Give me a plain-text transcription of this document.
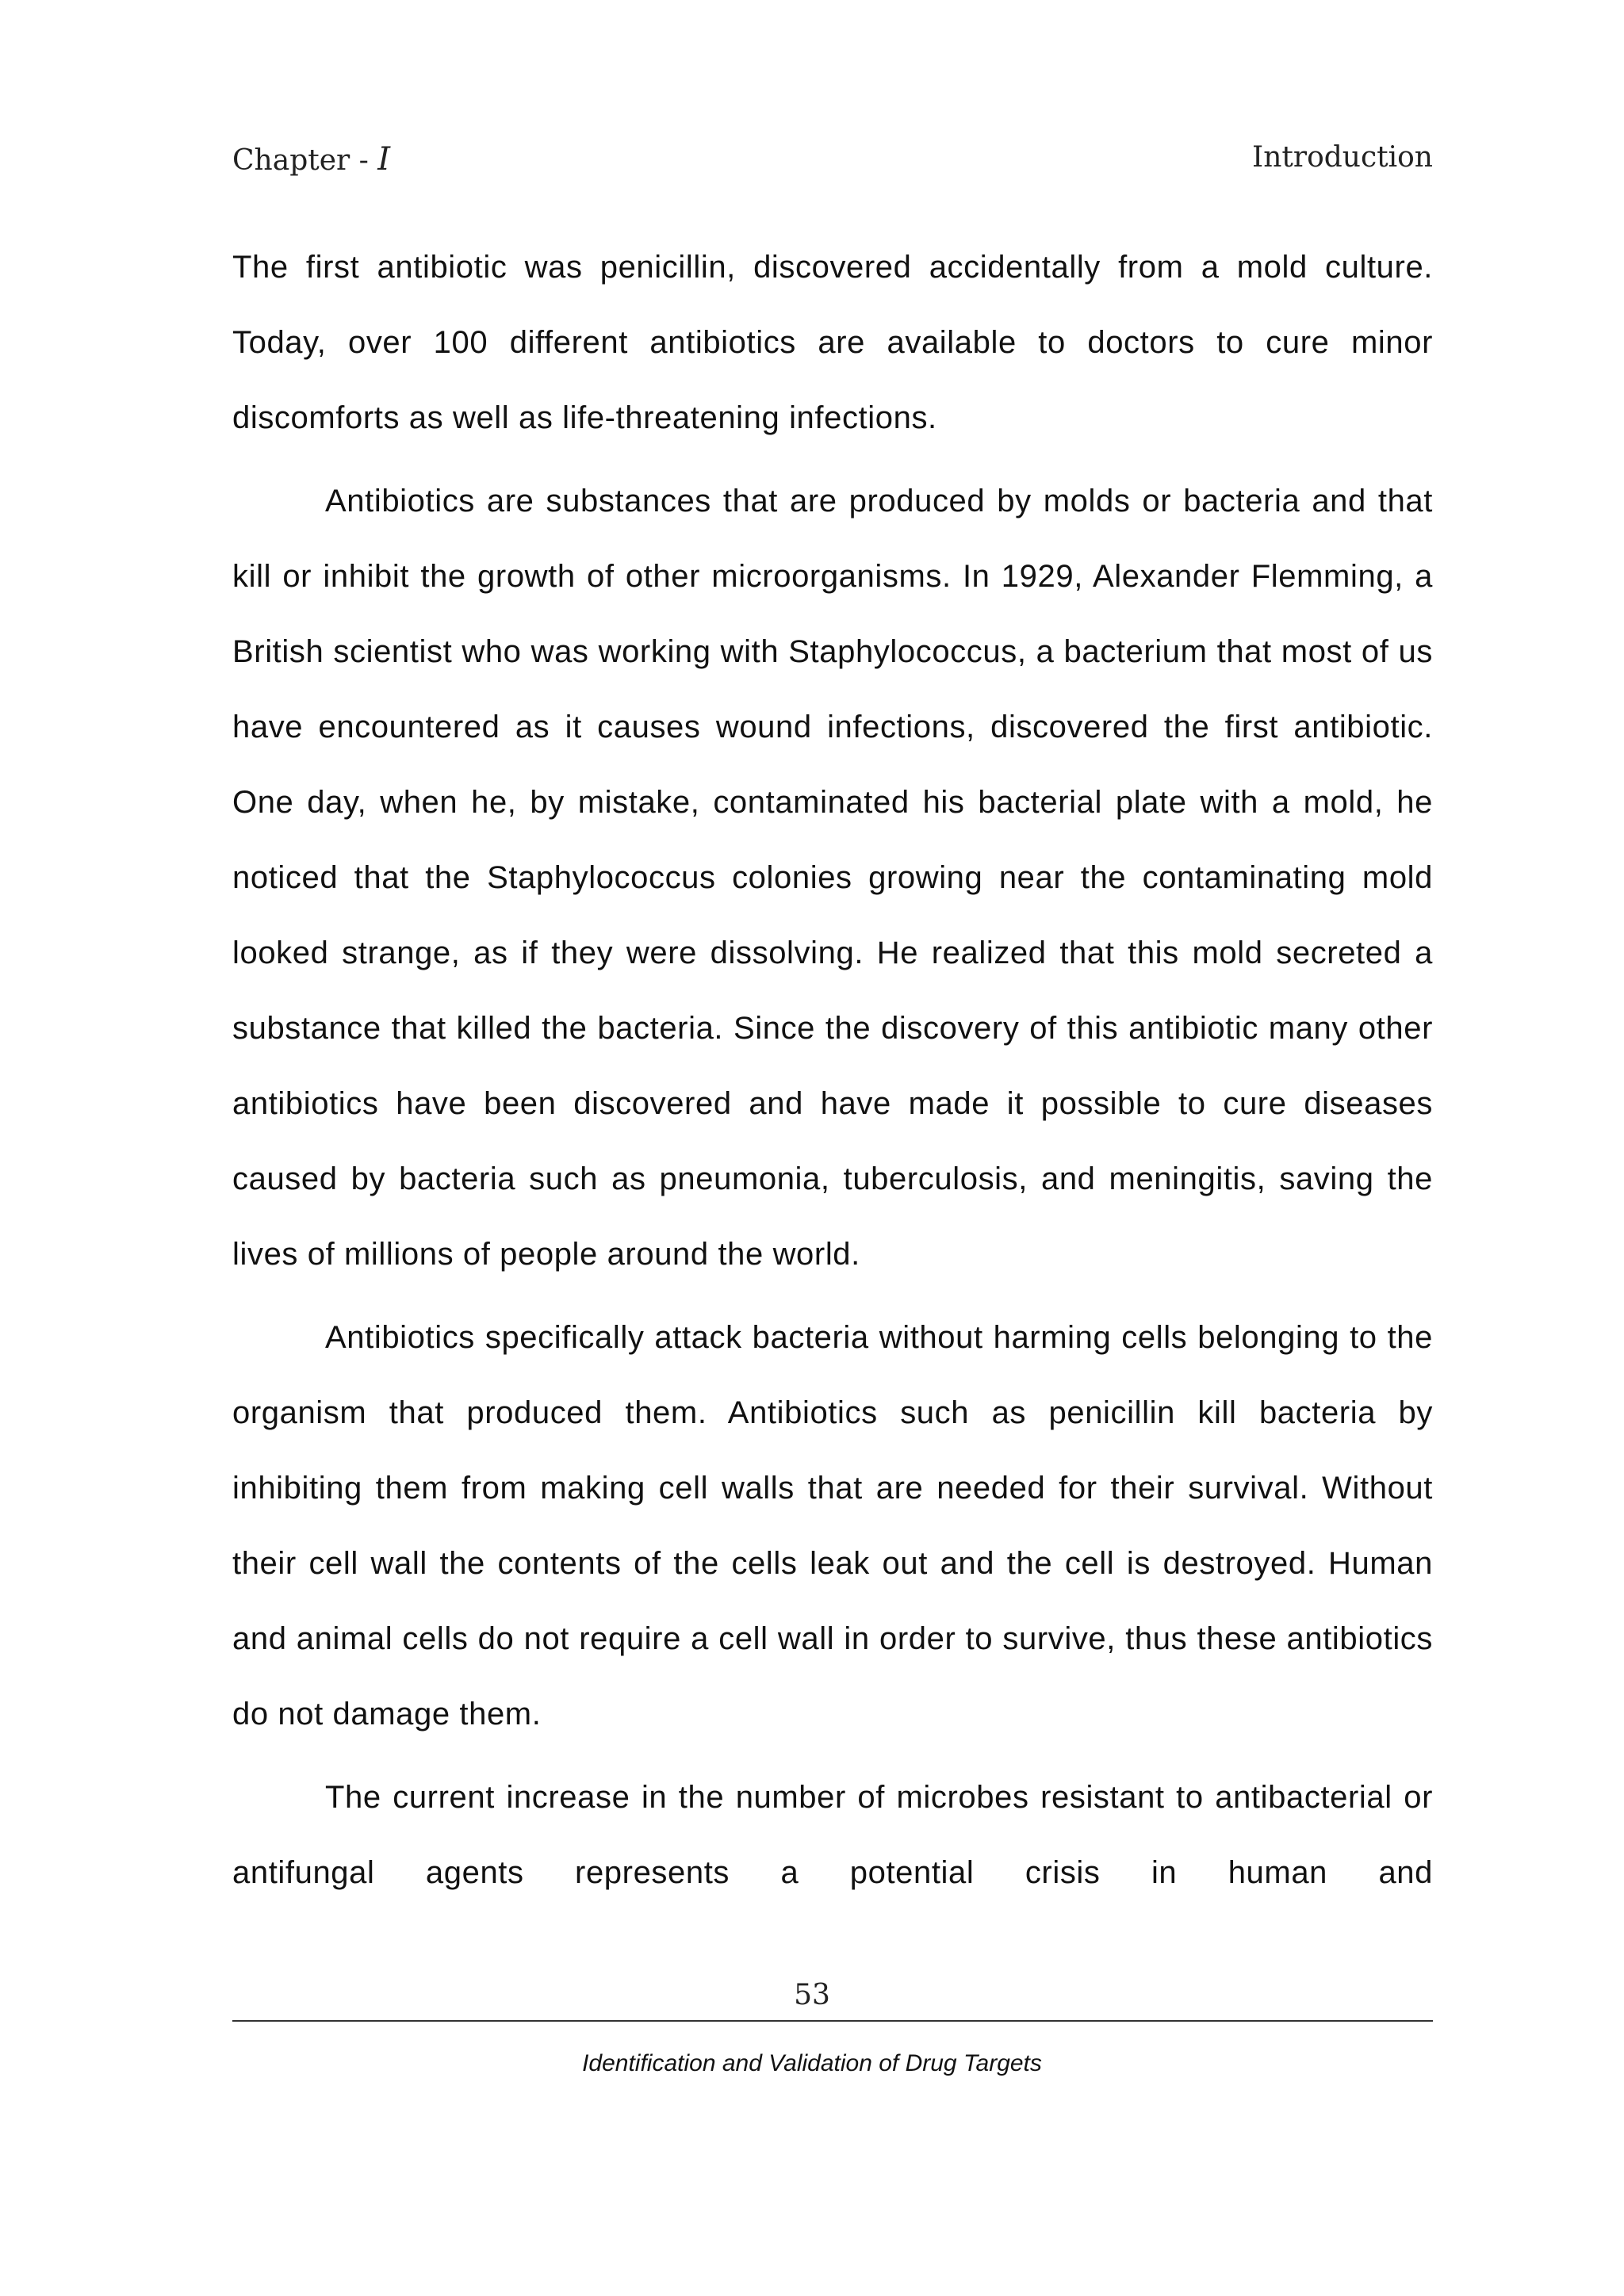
Chapter - I	Introduction

The first antibiotic was penicillin, discovered accidentally from a mold culture. Today, over 100 different antibiotics are available to doctors to cure minor discomforts as well as life-threatening infections.

Antibiotics are substances that are produced by molds or bacteria and that kill or inhibit the growth of other microorganisms. In 1929, Alexander Flemming, a British scientist who was working with Staphylococcus, a bacterium that most of us have encountered as it causes wound infections, discovered the first antibiotic. One day, when he, by mistake, contaminated his bacterial plate with a mold, he noticed that the Staphylococcus colonies growing near the contaminating mold looked strange, as if they were dissolving. He realized that this mold secreted a substance that killed the bacteria. Since the discovery of this antibiotic many other antibiotics have been discovered and have made it possible to cure diseases caused by bacteria such as pneumonia, tuberculosis, and meningitis, saving the lives of millions of people around the world.

Antibiotics specifically attack bacteria without harming cells belonging to the organism that produced them. Antibiotics such as penicillin kill bacteria by inhibiting them from making cell walls that are needed for their survival. Without their cell wall the contents of the cells leak out and the cell is destroyed. Human and animal cells do not require a cell wall in order to survive, thus these antibiotics do not damage them.

The current increase in the number of microbes resistant to antibacterial or antifungal agents represents a potential crisis in human and

53
Identification and Validation of Drug Targets
